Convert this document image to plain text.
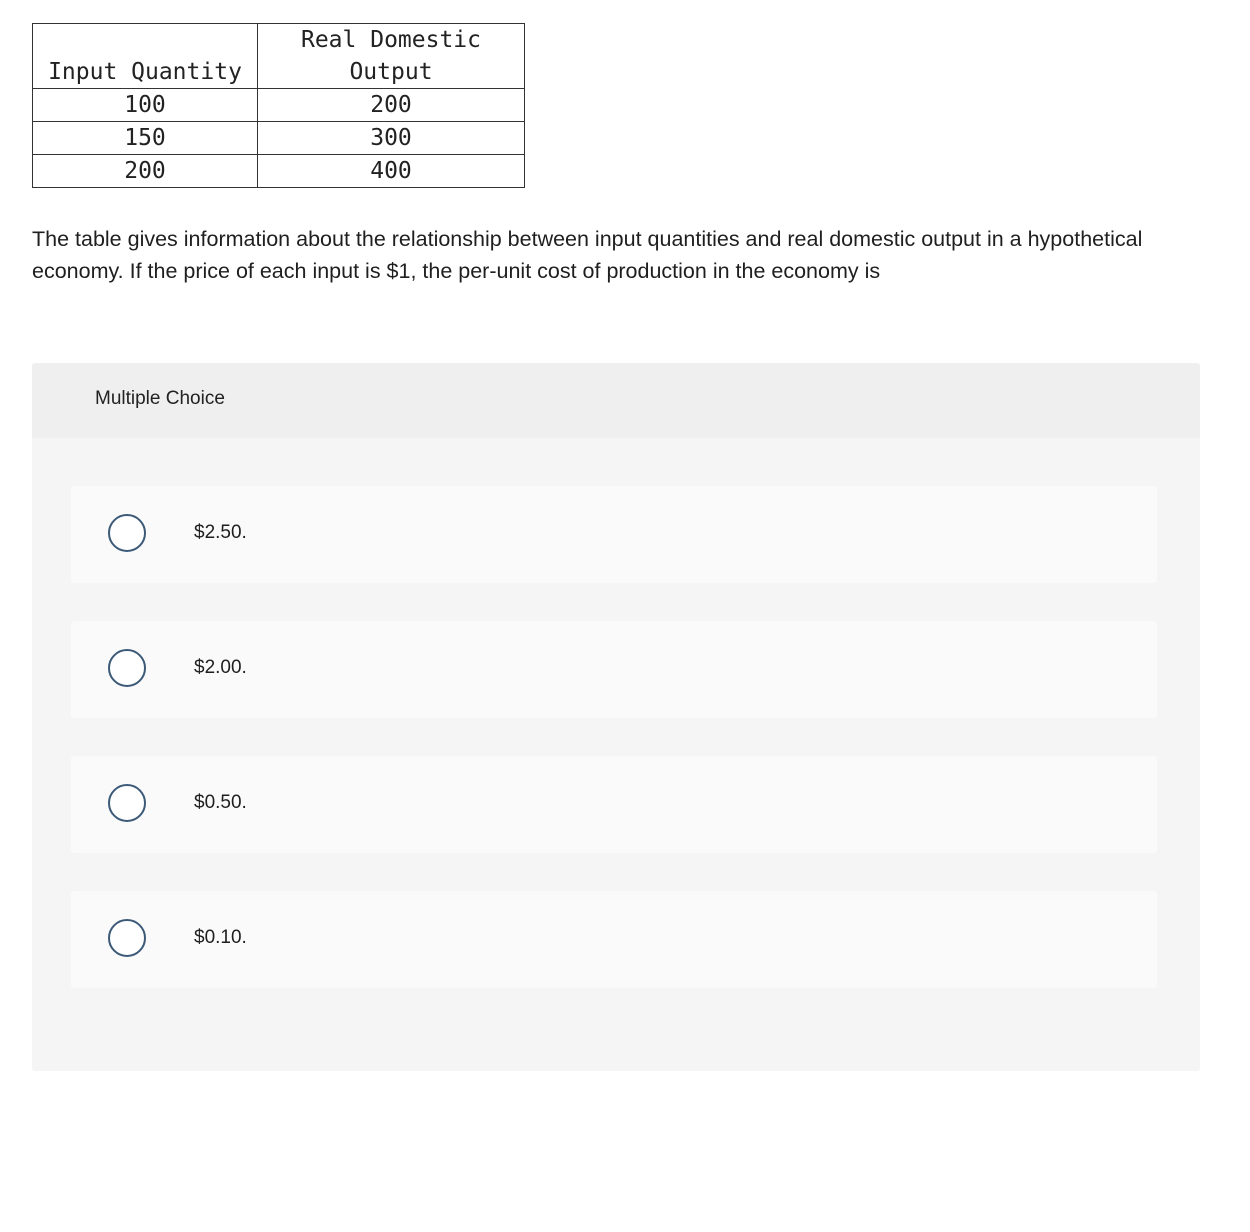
Input Quantity	Real Domestic
Output

100	200
150	300
200	400

The table gives information about the relationship between input quantities and real domestic output in a hypothetical economy. If the price of each input is $1, the per-unit cost of production in the economy is

Multiple Choice
$2.50.
$2.00.
$0.50.
$0.10.
